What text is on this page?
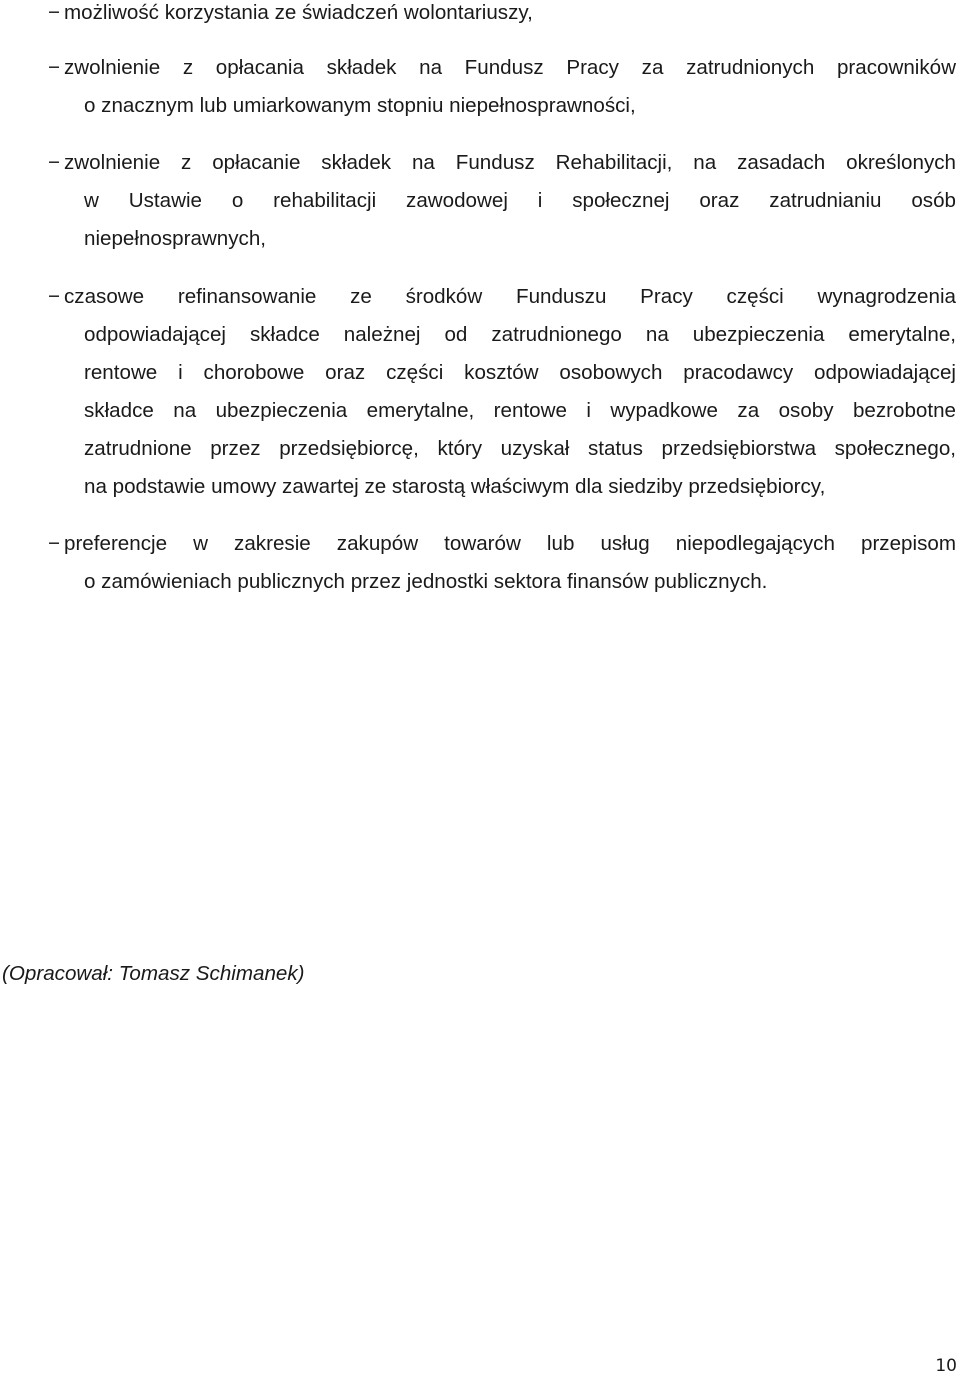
− możliwość korzystania ze świadczeń wolontariuszy,
− zwolnienie z opłacania składek na Fundusz Pracy za zatrudnionych pracowników
o znacznym lub umiarkowanym stopniu niepełnosprawności,
− zwolnienie z opłacanie składek na Fundusz Rehabilitacji, na zasadach określonych
w Ustawie o rehabilitacji zawodowej i społecznej oraz zatrudnianiu osób
niepełnosprawnych,
− czasowe refinansowanie ze środków Funduszu Pracy części wynagrodzenia
odpowiadającej składce należnej od zatrudnionego na ubezpieczenia emerytalne,
rentowe i chorobowe oraz części kosztów osobowych pracodawcy odpowiadającej
składce na ubezpieczenia emerytalne, rentowe i wypadkowe za osoby bezrobotne
zatrudnione przez przedsiębiorcę, który uzyskał status przedsiębiorstwa społecznego,
na podstawie umowy zawartej ze starostą właściwym dla siedziby przedsiębiorcy,
− preferencje w zakresie zakupów towarów lub usług niepodlegających przepisom
o zamówieniach publicznych przez jednostki sektora finansów publicznych.
(Opracował: Tomasz Schimanek)
10
